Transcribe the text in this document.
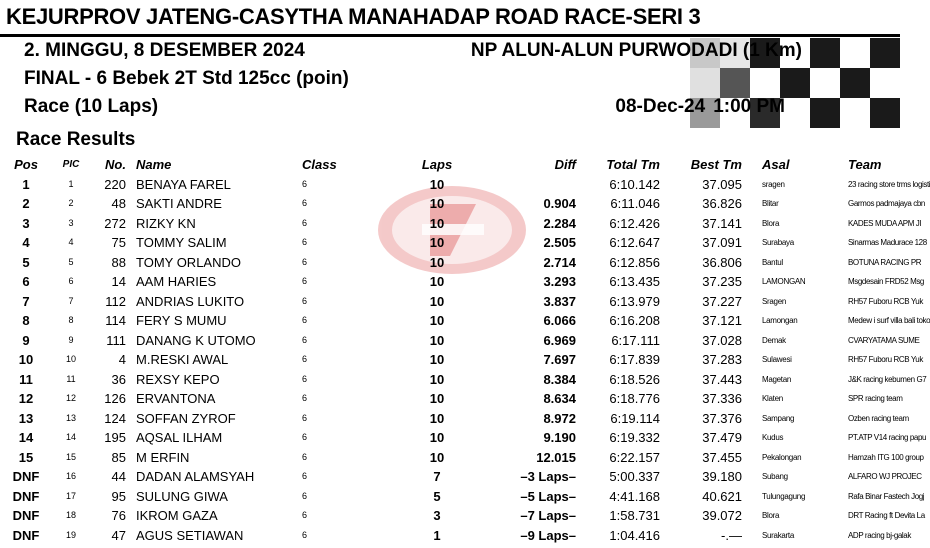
KEJURPROV JATENG-CASYTHA MANAHADAP ROAD RACE-SERI 3
2. MINGGU, 8 DESEMBER 2024	NP ALUN-ALUN PURWODADI (1 Km)
FINAL - 6 Bebek 2T Std 125cc (poin)
Race (10 Laps)	08-Dec-24 1:00 PM
Race Results
Pos	PIC	No.	Name	Class	Laps	Diff	Total Tm	Best Tm	Asal	Team
1	1	220	BENAYA FAREL	6	10		6:10.142	37.095	sragen	23 racing store trms logisti
2	2	48	SAKTI ANDRE	6	10	0.904	6:11.046	36.826	Blitar	Garmos padmajaya cbn
3	3	272	RIZKY KN	6	10	2.284	6:12.426	37.141	Blora	KADES MUDA APM JI
4	4	75	TOMMY SALIM	6	10	2.505	6:12.647	37.091	Surabaya	Sinarmas Madurace 128
5	5	88	TOMY ORLANDO	6	10	2.714	6:12.856	36.806	Bantul	BOTUNA RACING PR
6	6	14	AAM HARIES	6	10	3.293	6:13.435	37.235	LAMONGAN	Msgdesain FRD52 Msg
7	7	112	ANDRIAS LUKITO	6	10	3.837	6:13.979	37.227	Sragen	RH57 Fuboru RCB Yuk
8	8	114	FERY S MUMU	6	10	6.066	6:16.208	37.121	Lamongan	Medew i surf villa bali toko
9	9	111	DANANG K UTOMO	6	10	6.969	6:17.111	37.028	Demak	CVARYATAMA SUME
10	10	4	M.RESKI AWAL	6	10	7.697	6:17.839	37.283	Sulawesi	RH57 Fuboru RCB Yuk
11	11	36	REXSY KEPO	6	10	8.384	6:18.526	37.443	Magetan	J&K racing kebumen G7
12	12	126	ERVANTONA	6	10	8.634	6:18.776	37.336	Klaten	SPR racing team
13	13	124	SOFFAN ZYROF	6	10	8.972	6:19.114	37.376	Sampang	Ozben racing team
14	14	195	AQSAL ILHAM	6	10	9.190	6:19.332	37.479	Kudus	PT.ATP V14 racing papu
15	15	85	M ERFIN	6	10	12.015	6:22.157	37.455	Pekalongan	Hamzah ITG 100 group
DNF	16	44	DADAN ALAMSYAH	6	7	–3 Laps–	5:00.337	39.180	Subang	ALFARO WJ PROJEC
DNF	17	95	SULUNG GIWA	6	5	–5 Laps–	4:41.168	40.621	Tulungagung	Rafa Binar Fastech Jogj
DNF	18	76	IKROM GAZA	6	3	–7 Laps–	1:58.731	39.072	Blora	DRT Racing ft Devita La
DNF	19	47	AGUS SETIAWAN	6	1	–9 Laps–	1:04.416	-.—	Surakarta	ADP racing bj-galak
